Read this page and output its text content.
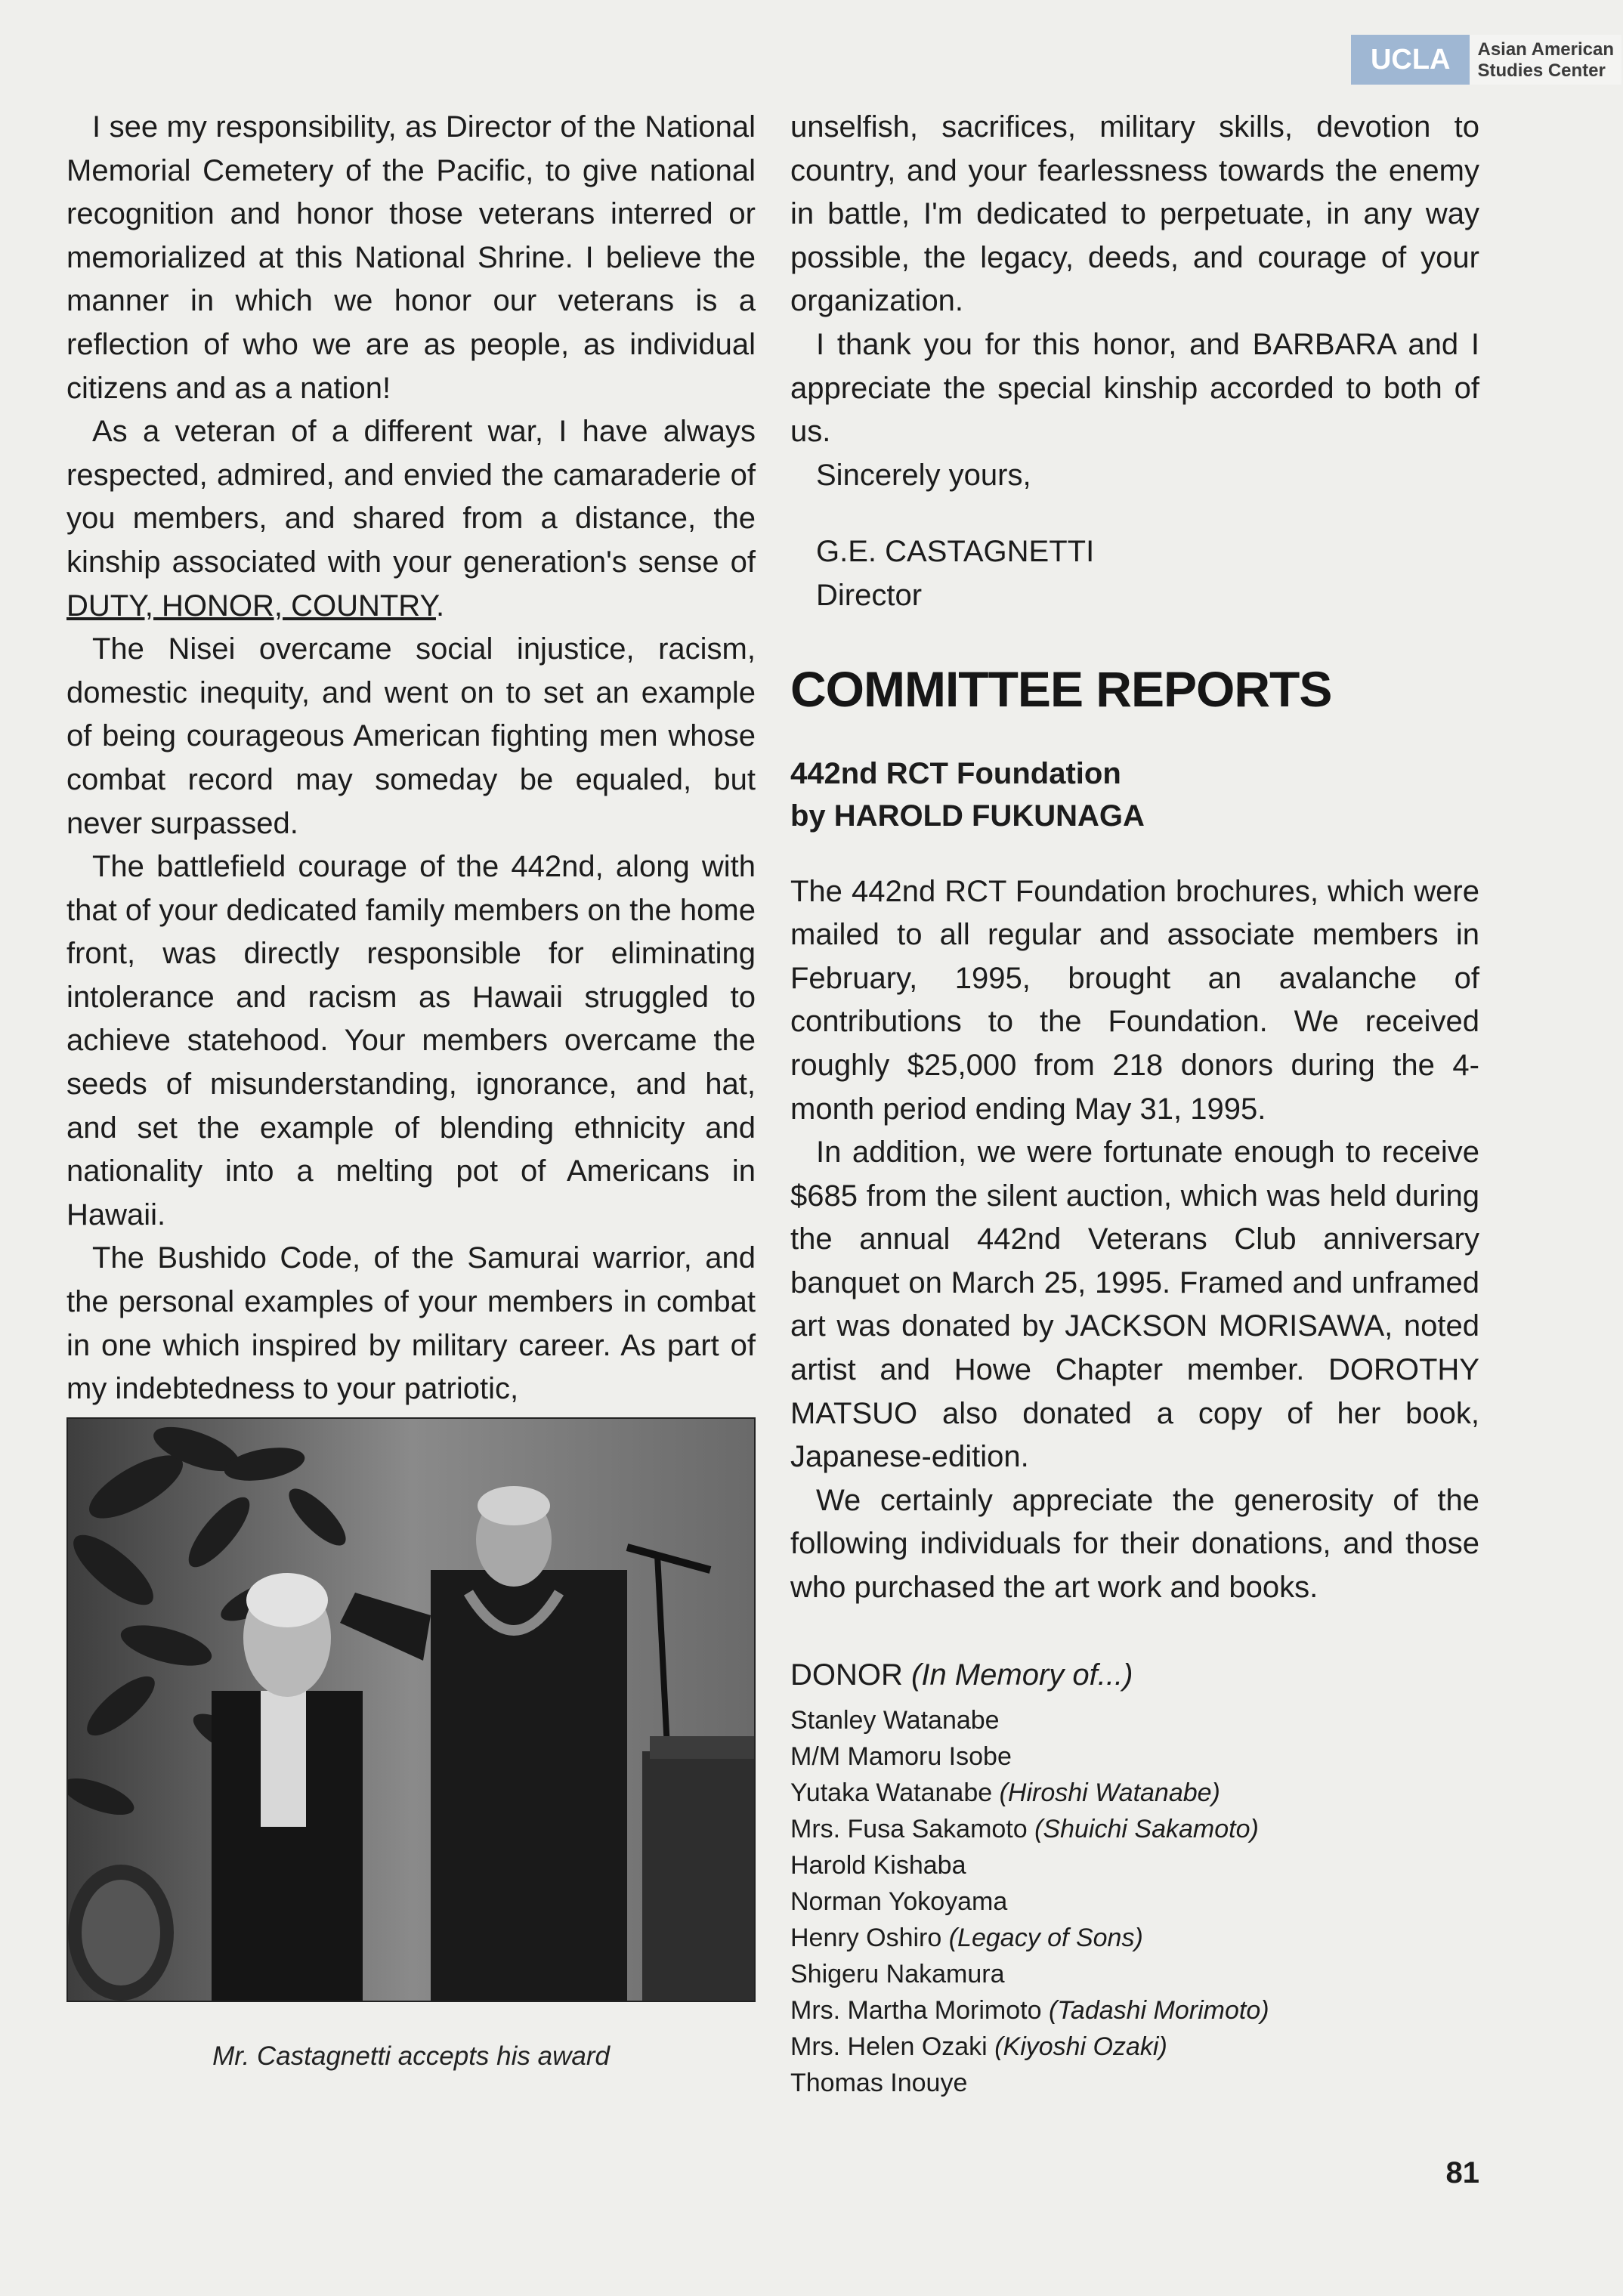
UCLA	Asian American
Studies Center

I see my responsibility, as Director of the National Memorial Cemetery of the Pacific, to give national recognition and honor those veterans interred or memorialized at this National Shrine. I believe the manner in which we honor our veterans is a reflection of who we are as people, as individual citizens and as a nation!

As a veteran of a different war, I have always respected, admired, and envied the camaraderie of you members, and shared from a distance, the kinship associated with your generation's sense of DUTY, HONOR, COUNTRY.

The Nisei overcame social injustice, racism, domestic inequity, and went on to set an example of being courageous American fighting men whose combat record may someday be equaled, but never surpassed.

The battlefield courage of the 442nd, along with that of your dedicated family members on the home front, was directly responsible for eliminating intolerance and racism as Hawaii struggled to achieve statehood. Your members overcame the seeds of misunderstanding, ignorance, and hat, and set the example of blending ethnicity and nationality into a melting pot of Americans in Hawaii.

The Bushido Code, of the Samurai warrior, and the personal examples of your members in combat in one which inspired by military career. As part of my indebtedness to your patriotic,

Mr. Castagnetti accepts his award

unselfish, sacrifices, military skills, devotion to country, and your fearlessness towards the enemy in battle, I'm dedicated to perpetuate, in any way possible, the legacy, deeds, and courage of your organization.

I thank you for this honor, and BARBARA and I appreciate the special kinship accorded to both of us.

Sincerely yours,

G.E. CASTAGNETTI

Director

COMMITTEE REPORTS

442nd RCT Foundation

by HAROLD FUKUNAGA

The 442nd RCT Foundation brochures, which were mailed to all regular and associate members in February, 1995, brought an avalanche of contributions to the Foundation. We received roughly $25,000 from 218 donors during the 4-month period ending May 31, 1995.

In addition, we were fortunate enough to receive $685 from the silent auction, which was held during the annual 442nd Veterans Club anniversary banquet on March 25, 1995. Framed and unframed art was donated by JACKSON MORISAWA, noted artist and Howe Chapter member. DOROTHY MATSUO also donated a copy of her book, Japanese-edition.

We certainly appreciate the generosity of the following individuals for their donations, and those who purchased the art work and books.

DONOR (In Memory of...)
Stanley Watanabe
M/M Mamoru Isobe
Yutaka Watanabe (Hiroshi Watanabe)
Mrs. Fusa Sakamoto (Shuichi Sakamoto)
Harold Kishaba
Norman Yokoyama
Henry Oshiro (Legacy of Sons)
Shigeru Nakamura
Mrs. Martha Morimoto (Tadashi Morimoto)
Mrs. Helen Ozaki (Kiyoshi Ozaki)
Thomas Inouye
81
